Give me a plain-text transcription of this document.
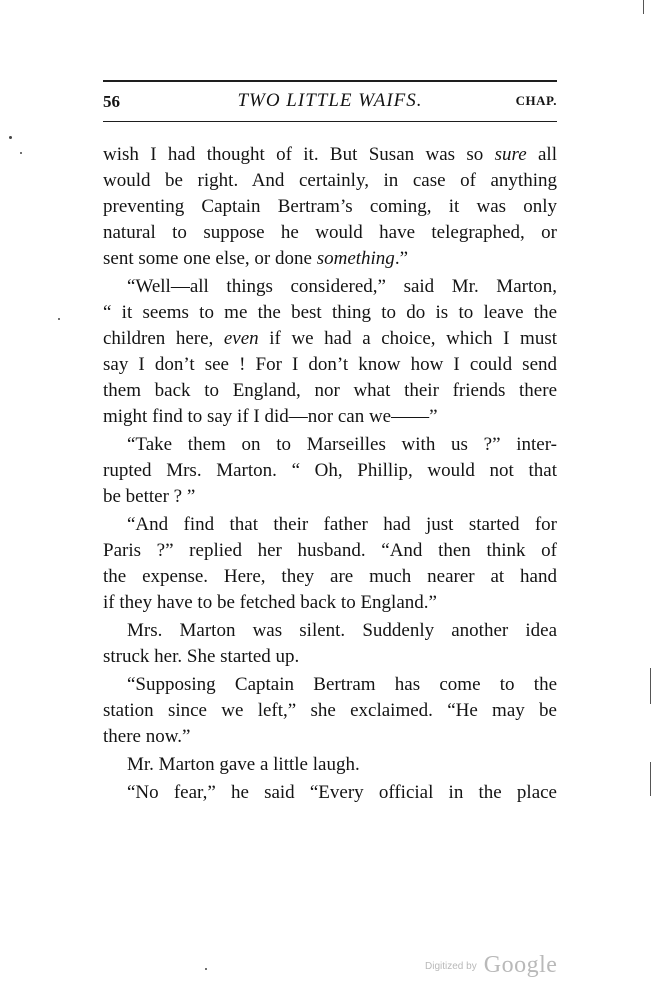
56	TWO LITTLE WAIFS.	CHAP.
wish I had thought of it. But Susan was so sure all
would be right. And certainly, in case of anything
preventing Captain Bertram’s coming, it was only
natural to suppose he would have telegraphed, or
sent some one else, or done something.”
“Well—all things considered,” said Mr. Marton,
“ it seems to me the best thing to do is to leave the
children here, even if we had a choice, which I must
say I don’t see ! For I don’t know how I could send
them back to England, nor what their friends there
might find to say if I did—nor can we——”
“Take them on to Marseilles with us ?” inter-
rupted Mrs. Marton. “ Oh, Phillip, would not that
be better ? ”
“And find that their father had just started for
Paris ?” replied her husband. “And then think of
the expense. Here, they are much nearer at hand
if they have to be fetched back to England.”
Mrs. Marton was silent. Suddenly another idea
struck her. She started up.
“Supposing Captain Bertram has come to the
station since we left,” she exclaimed. “He may be
there now.”
Mr. Marton gave a little laugh.
“No fear,” he said “Every official in the place
Digitized by Google
